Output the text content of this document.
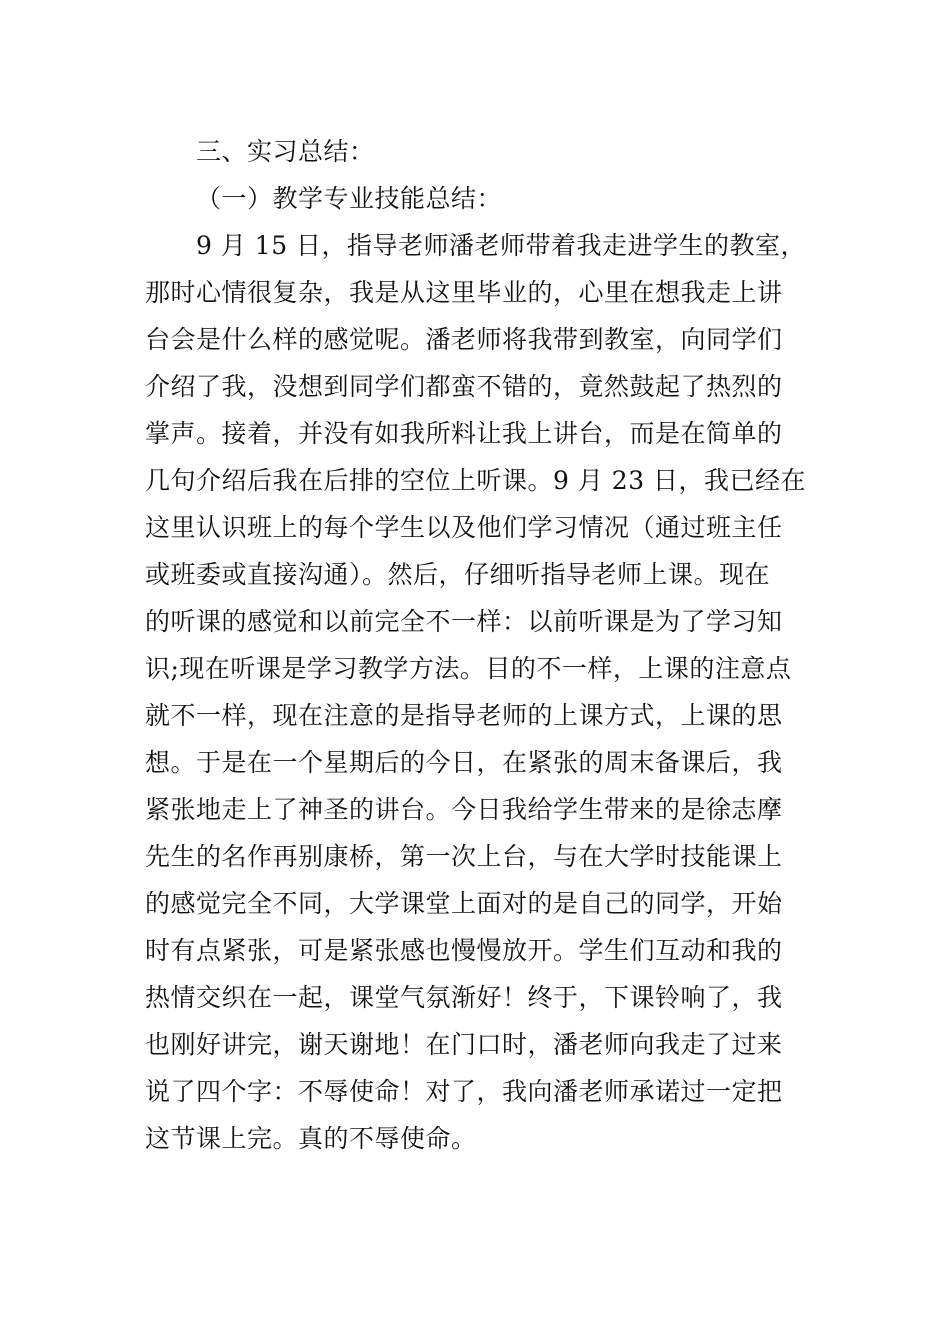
三、实习总结：
（一）教学专业技能总结：
9 月 15 日，指导老师潘老师带着我走进学生的教室，
那时心情很复杂，我是从这里毕业的，心里在想我走上讲
台会是什么样的感觉呢。潘老师将我带到教室，向同学们
介绍了我，没想到同学们都蛮不错的，竟然鼓起了热烈的
掌声。接着，并没有如我所料让我上讲台，而是在简单的
几句介绍后我在后排的空位上听课。9 月 23 日，我已经在
这里认识班上的每个学生以及他们学习情况（通过班主任
或班委或直接沟通）。然后，仔细听指导老师上课。现在
的听课的感觉和以前完全不一样：以前听课是为了学习知
识;现在听课是学习教学方法。目的不一样，上课的注意点
就不一样，现在注意的是指导老师的上课方式，上课的思
想。于是在一个星期后的今日，在紧张的周末备课后，我
紧张地走上了神圣的讲台。今日我给学生带来的是徐志摩
先生的名作再别康桥，第一次上台，与在大学时技能课上
的感觉完全不同，大学课堂上面对的是自己的同学，开始
时有点紧张，可是紧张感也慢慢放开。学生们互动和我的
热情交织在一起，课堂气氛渐好！终于，下课铃响了，我
也刚好讲完，谢天谢地！在门口时，潘老师向我走了过来
说了四个字：不辱使命！对了，我向潘老师承诺过一定把
这节课上完。真的不辱使命。
